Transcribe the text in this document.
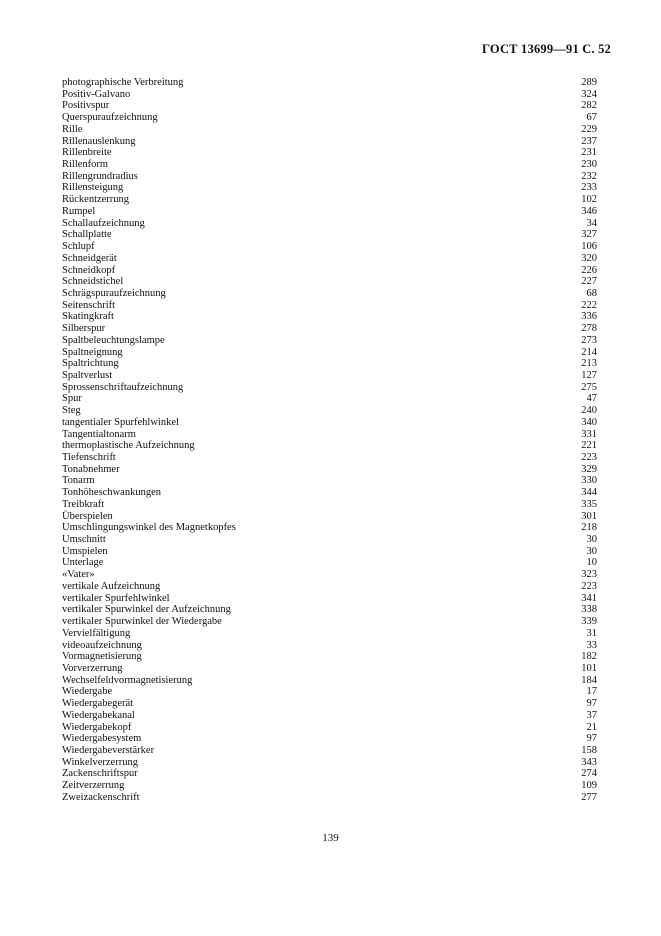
ГОСТ 13699—91 С. 52
photographische Verbreitung	289
Positiv-Galvano	324
Positivspur	282
Querspuraufzeichnung	67
Rille	229
Rillenauslenkung	237
Rillenbreite	231
Rillenform	230
Rillengrundradius	232
Rillensteigung	233
Rückentzerrung	102
Rumpel	346
Schallaufzeichnung	34
Schallplatte	327
Schlupf	106
Schneidgerät	320
Schneidkopf	226
Schneidstichel	227
Schrägspuraufzeichnung	68
Seitenschrift	222
Skatingkraft	336
Silberspur	278
Spaltbeleuchtungslampe	273
Spaltneignung	214
Spaltrichtung	213
Spaltverlust	127
Sprossenschriftaufzeichnung	275
Spur	47
Steg	240
tangentialer Spurfehlwinkel	340
Tangentialtonarm	331
thermoplastische Aufzeichnung	221
Tiefenschrift	223
Tonabnehmer	329
Tonarm	330
Tonhöheschwankungen	344
Treibkraft	335
Überspielen	301
Umschlingungswinkel des Magnetkopfes	218
Umschnitt	30
Umspielen	30
Unterlage	10
«Vater»	323
vertikale Aufzeichnung	223
vertikaler Spurfehlwinkel	341
vertikaler Spurwinkel der Aufzeichnung	338
vertikaler Spurwinkel der Wiedergabe	339
Vervielfältigung	31
videoaufzeichnung	33
Vormagnetisierung	182
Vorverzerrung	101
Wechselfeldvormagnetisierung	184
Wiedergabe	17
Wiedergabegerät	97
Wiedergabekanal	37
Wiedergabekopf	21
Wiedergabesystem	97
Wiedergabeverstärker	158
Winkelverzerrung	343
Zackenschriftspur	274
Zeitverzerrung	109
Zweizackenschrift	277
139
